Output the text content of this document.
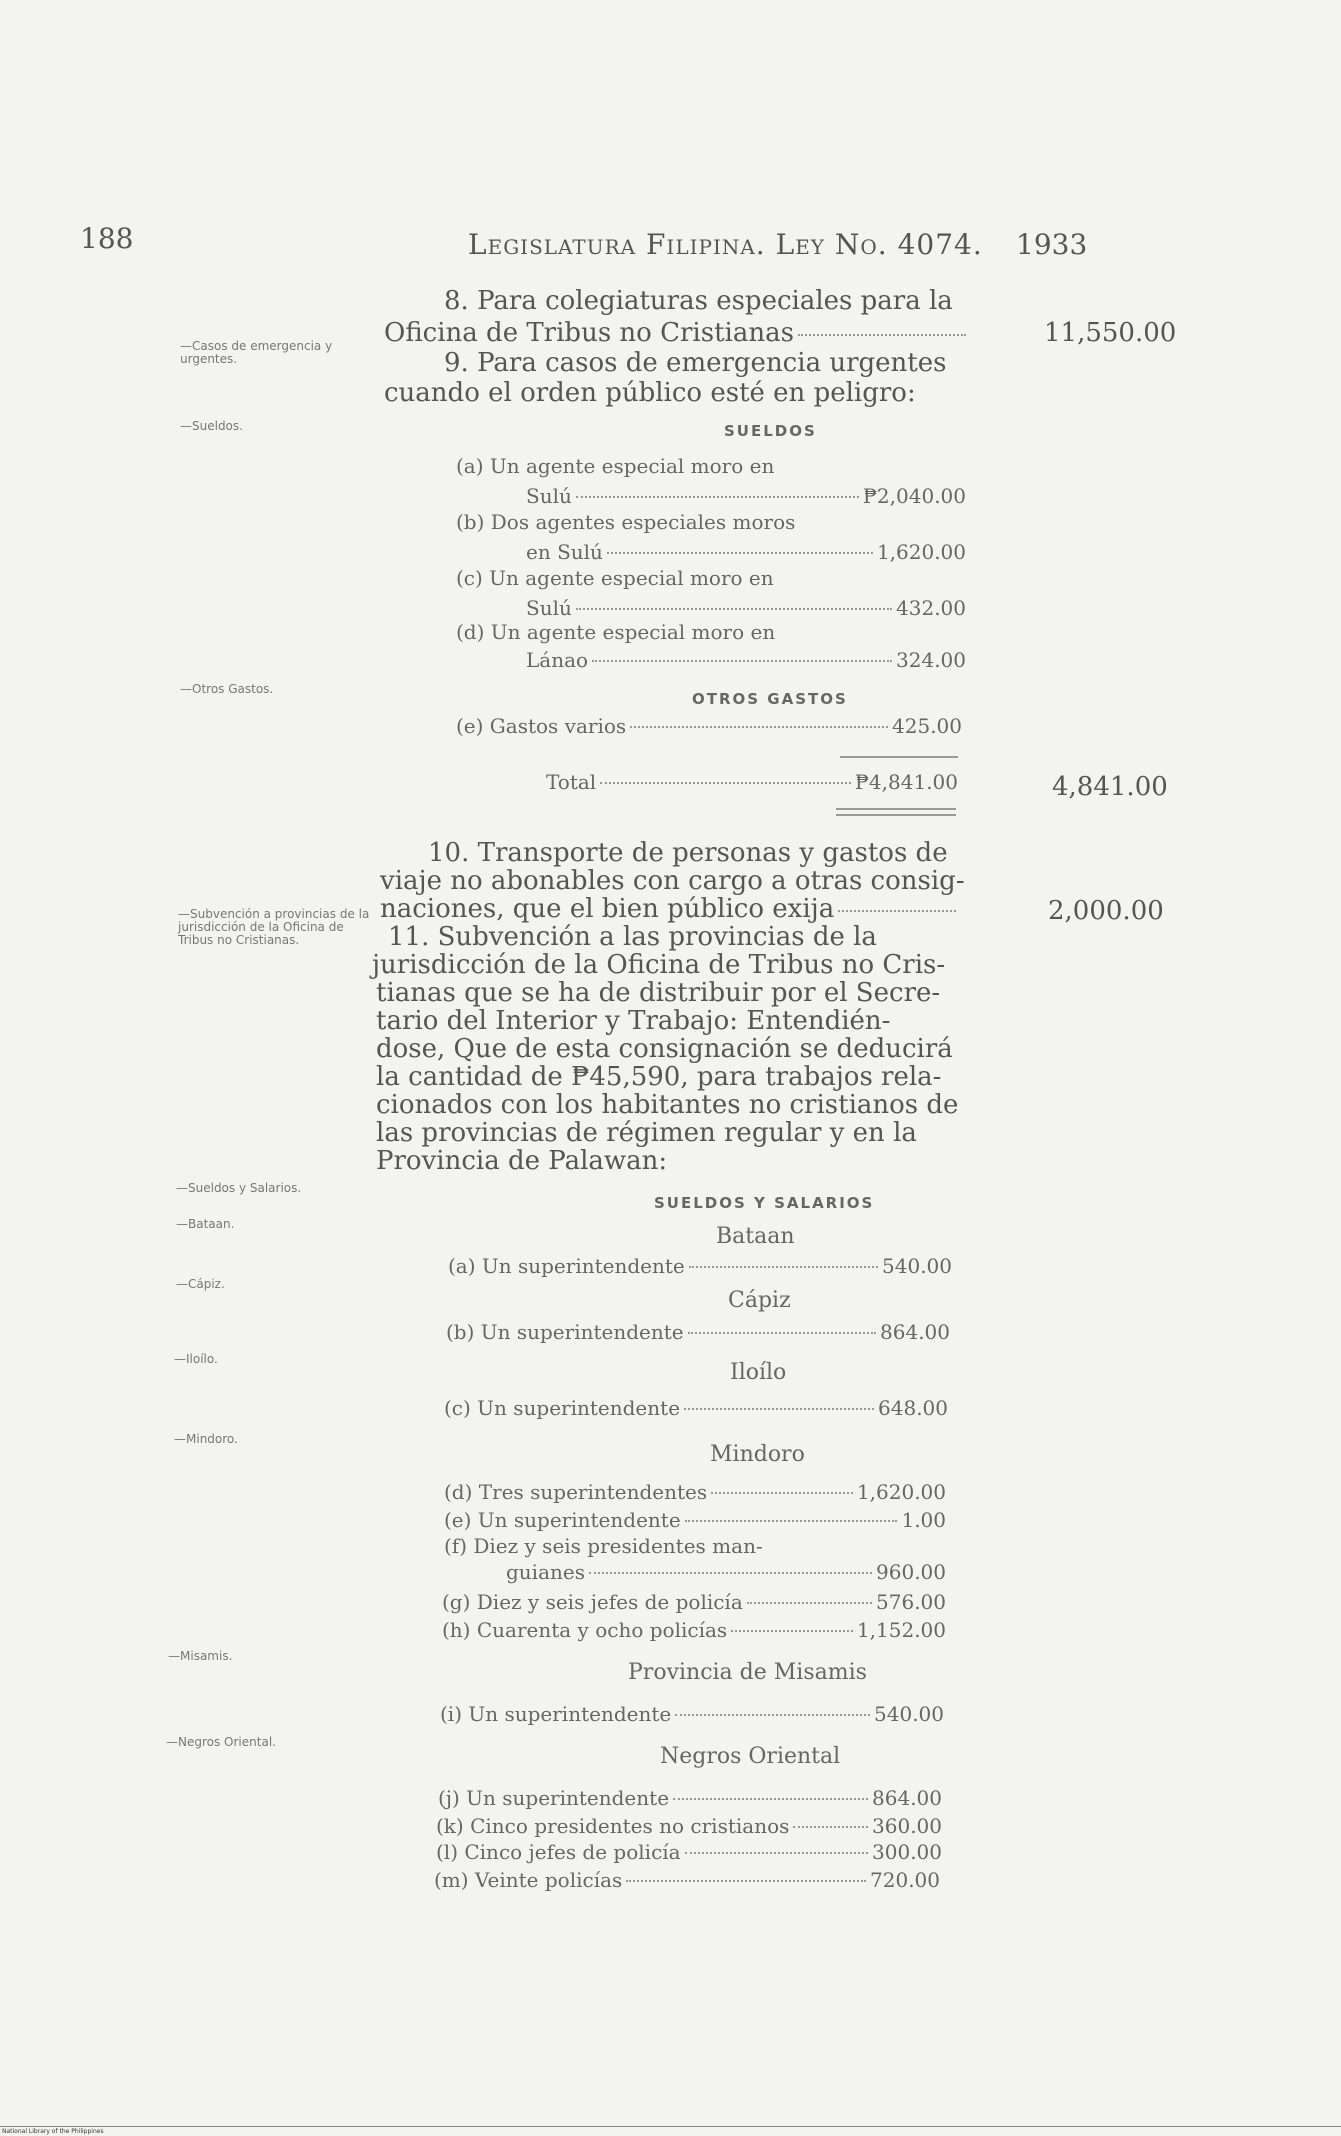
188	Legislatura Filipina. Ley No. 4074. 1933
—Casos de emergencia y urgentes.
—Sueldos.
—Otros Gastos.
—Subvención a provincias de la jurisdicción de la Oficina de Tribus no Cristianas.
—Sueldos y Salarios.
—Bataan.
—Cápiz.
—Iloílo.
—Mindoro.
—Misamis.
—Negros Oriental.
8. Para colegiaturas especiales para la
Oficina de Tribus no Cristianas	11,550.00
9. Para casos de emergencia urgentes
cuando el orden público esté en peligro:
SUELDOS
(a) Un agente especial moro en
Sulú	₱2,040.00
(b) Dos agentes especiales moros
en Sulú	1,620.00
(c) Un agente especial moro en
Sulú	432.00
(d) Un agente especial moro en
Lánao	324.00
OTROS GASTOS
(e) Gastos varios	425.00
Total	₱4,841.00	4,841.00
10. Transporte de personas y gastos de
viaje no abonables con cargo a otras consig-
naciones, que el bien público exija	2,000.00
11. Subvención a las provincias de la
jurisdicción de la Oficina de Tribus no Cris-
tianas que se ha de distribuir por el Secre-
tario del Interior y Trabajo: Entendién-
dose, Que de esta consignación se deducirá
la cantidad de ₱45,590, para trabajos rela-
cionados con los habitantes no cristianos de
las provincias de régimen regular y en la
Provincia de Palawan:
SUELDOS Y SALARIOS
Bataan
(a) Un superintendente	540.00
Cápiz
(b) Un superintendente	864.00
Iloílo
(c) Un superintendente	648.00
Mindoro
(d) Tres superintendentes	1,620.00
(e) Un superintendente	1.00
(f) Diez y seis presidentes man-
guianes	960.00
(g) Diez y seis jefes de policía	576.00
(h) Cuarenta y ocho policías	1,152.00
Provincia de Misamis
(i) Un superintendente	540.00
Negros Oriental
(j) Un superintendente	864.00
(k) Cinco presidentes no cristianos	360.00
(l) Cinco jefes de policía	300.00
(m) Veinte policías	720.00
National Library of the Philippines
